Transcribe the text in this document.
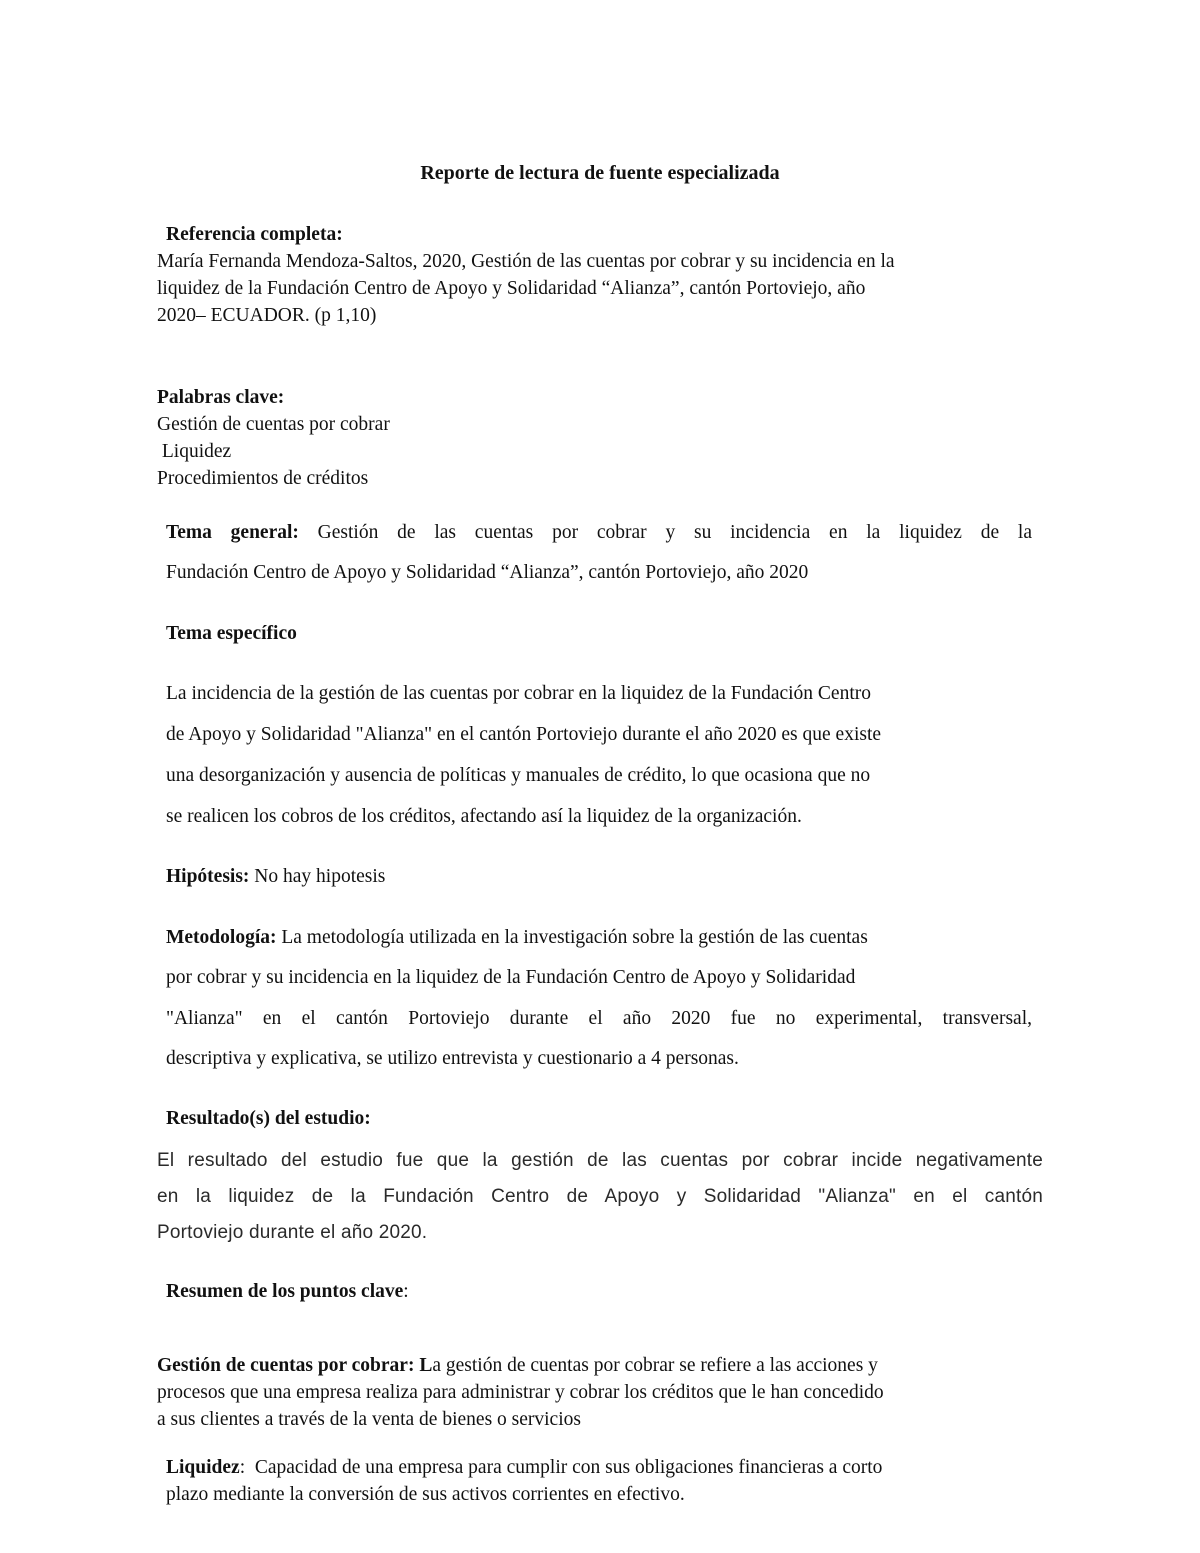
Reporte de lectura de fuente especializada
Referencia completa:
María Fernanda Mendoza-Saltos, 2020, Gestión de las cuentas por cobrar y su incidencia en la
liquidez de la Fundación Centro de Apoyo y Solidaridad “Alianza”, cantón Portoviejo, año
2020– ECUADOR. (p 1,10)
Palabras clave:
Gestión de cuentas por cobrar
Liquidez
Procedimientos de créditos
Tema general: Gestión de las cuentas por cobrar y su incidencia en la liquidez de la
Fundación Centro de Apoyo y Solidaridad “Alianza”, cantón Portoviejo, año 2020
Tema específico
La incidencia de la gestión de las cuentas por cobrar en la liquidez de la Fundación Centro
de Apoyo y Solidaridad "Alianza" en el cantón Portoviejo durante el año 2020 es que existe
una desorganización y ausencia de políticas y manuales de crédito, lo que ocasiona que no
se realicen los cobros de los créditos, afectando así la liquidez de la organización.
Hipótesis: No hay hipotesis
Metodología: La metodología utilizada en la investigación sobre la gestión de las cuentas
por cobrar y su incidencia en la liquidez de la Fundación Centro de Apoyo y Solidaridad
"Alianza" en el cantón Portoviejo durante el año 2020 fue no experimental, transversal,
descriptiva y explicativa, se utilizo entrevista y cuestionario a 4 personas.
Resultado(s) del estudio:
El resultado del estudio fue que la gestión de las cuentas por cobrar incide negativamente
en la liquidez de la Fundación Centro de Apoyo y Solidaridad "Alianza" en el cantón
Portoviejo durante el año 2020.
Resumen de los puntos clave:
Gestión de cuentas por cobrar: La gestión de cuentas por cobrar se refiere a las acciones y
procesos que una empresa realiza para administrar y cobrar los créditos que le han concedido
a sus clientes a través de la venta de bienes o servicios
Liquidez:  Capacidad de una empresa para cumplir con sus obligaciones financieras a corto
plazo mediante la conversión de sus activos corrientes en efectivo.
